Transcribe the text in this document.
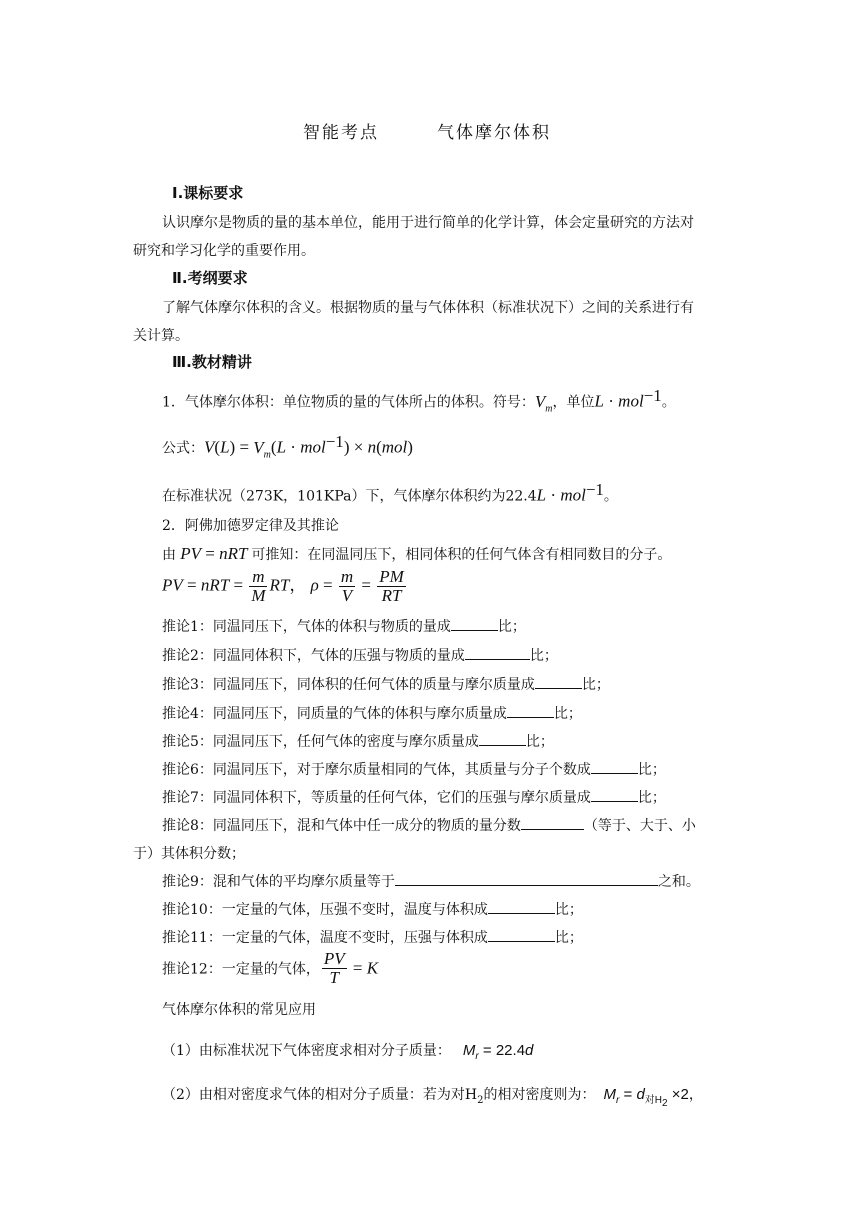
智能考点	气体摩尔体积
Ⅰ.课标要求
认识摩尔是物质的量的基本单位，能用于进行简单的化学计算，体会定量研究的方法对
研究和学习化学的重要作用。
Ⅱ.考纲要求
了解气体摩尔体积的含义。根据物质的量与气体体积（标准状况下）之间的关系进行有
关计算。
Ⅲ.教材精讲
1．气体摩尔体积：单位物质的量的气体所占的体积。符号：$V_m$，单位L · mol$^{-1}$。
公式：$V(L) = V_m(L \cdot mol^{-1}) \times n(mol)$
在标准状况（273K，101KPa）下，气体摩尔体积约为22.4L · mol$^{-1}$。
2．阿佛加德罗定律及其推论
由 PV = nRT 可推知：在同温同压下，相同体积的任何气体含有相同数目的分子。
PV = nRT = $\frac{m}{M}$ RT， $\rho = \frac{m}{V} = \frac{PM}{RT}$
推论1：同温同压下，气体的体积与物质的量成	比；
推论2：同温同体积下，气体的压强与物质的量成	比；
推论3：同温同压下，同体积的任何气体的质量与摩尔质量成	比；
推论4：同温同压下，同质量的气体的体积与摩尔质量成	比；
推论5：同温同压下，任何气体的密度与摩尔质量成	比；
推论6：同温同压下，对于摩尔质量相同的气体，其质量与分子个数成	比；
推论7：同温同体积下，等质量的任何气体，它们的压强与摩尔质量成	比；
推论8：同温同压下，混和气体中任一成分的物质的量分数	（等于、大于、小
于）其体积分数；
推论9：混和气体的平均摩尔质量等于	之和。
推论10：一定量的气体，压强不变时，温度与体积成	比；
推论11：一定量的气体，温度不变时，压强与体积成	比；
推论12：一定量的气体， $\frac{PV}{T} = K$
气体摩尔体积的常见应用
（1）由标准状况下气体密度求相对分子质量： $M_r = 22.4d$
（2）由相对密度求气体的相对分子质量：若为对$H_2$的相对密度则为： $M_r = d_{对H_2} \times 2$，
